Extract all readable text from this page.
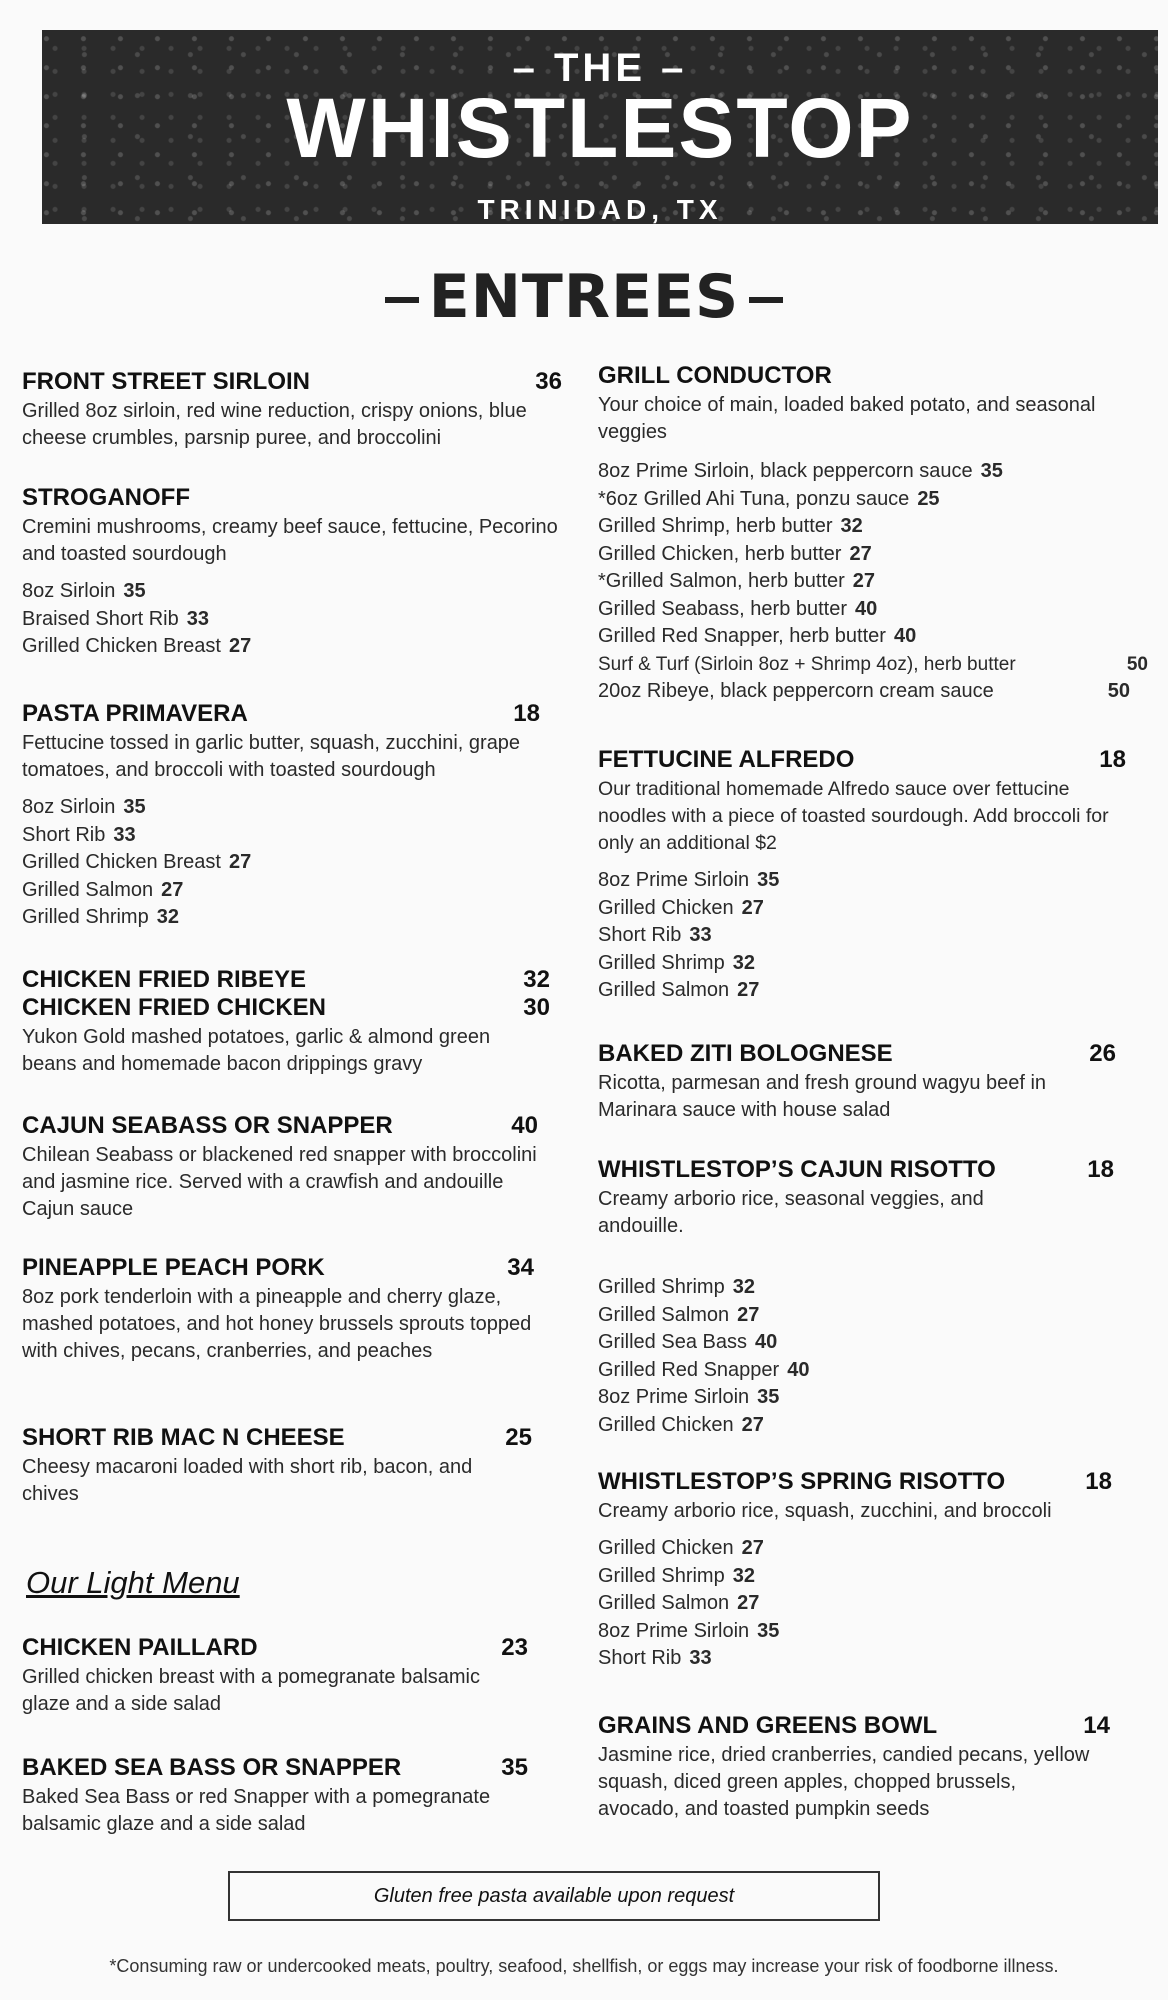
– THE –
WHISTLESTOP
TRINIDAD, TX
ENTREES
FRONT STREET SIRLOIN	36
Grilled 8oz sirloin, red wine reduction, crispy onions, blue cheese crumbles, parsnip puree, and broccolini
STROGANOFF
Cremini mushrooms, creamy beef sauce, fettucine, Pecorino and toasted sourdough
8oz Sirloin 35
Braised Short Rib 33
Grilled Chicken Breast 27
PASTA PRIMAVERA	18
Fettucine tossed in garlic butter, squash, zucchini, grape tomatoes, and broccoli with toasted sourdough
8oz Sirloin 35
Short Rib 33
Grilled Chicken Breast 27
Grilled Salmon 27
Grilled Shrimp 32
CHICKEN FRIED RIBEYE	32
CHICKEN FRIED CHICKEN	30
Yukon Gold mashed potatoes, garlic & almond green beans and homemade bacon drippings gravy
CAJUN SEABASS OR SNAPPER	40
Chilean Seabass or blackened red snapper with broccolini and jasmine rice. Served with a crawfish and andouille Cajun sauce
PINEAPPLE PEACH PORK	34
8oz pork tenderloin with a pineapple and cherry glaze, mashed potatoes, and hot honey brussels sprouts topped with chives, pecans, cranberries, and peaches
SHORT RIB MAC N CHEESE	25
Cheesy macaroni loaded with short rib, bacon, and chives
CHICKEN PAILLARD	23
Grilled chicken breast with a pomegranate balsamic glaze and a side salad
BAKED SEA BASS OR SNAPPER	35
Baked Sea Bass or red Snapper with a pomegranate balsamic glaze and a side salad
Our Light Menu
GRILL CONDUCTOR
Your choice of main, loaded baked potato, and seasonal veggies
8oz Prime Sirloin, black peppercorn sauce 35
*6oz Grilled Ahi Tuna, ponzu sauce 25
Grilled Shrimp, herb butter 32
Grilled Chicken, herb butter 27
*Grilled Salmon, herb butter 27
Grilled Seabass, herb butter 40
Grilled Red Snapper, herb butter 40
Surf & Turf (Sirloin 8oz + Shrimp 4oz), herb butter	50
20oz Ribeye, black peppercorn cream sauce	50
FETTUCINE ALFREDO	18
Our traditional homemade Alfredo sauce over fettucine noodles with a piece of toasted sourdough. Add broccoli for only an additional $2
8oz Prime Sirloin 35
Grilled Chicken 27
Short Rib 33
Grilled Shrimp 32
Grilled Salmon 27
BAKED ZITI BOLOGNESE	26
Ricotta, parmesan and fresh ground wagyu beef in Marinara sauce with house salad
WHISTLESTOP’S CAJUN RISOTTO	18
Creamy arborio rice, seasonal veggies, and andouille.
Grilled Shrimp 32
Grilled Salmon 27
Grilled Sea Bass 40
Grilled Red Snapper 40
8oz Prime Sirloin 35
Grilled Chicken 27
WHISTLESTOP’S SPRING RISOTTO	18
Creamy arborio rice, squash, zucchini, and broccoli
Grilled Chicken 27
Grilled Shrimp 32
Grilled Salmon 27
8oz Prime Sirloin 35
Short Rib 33
GRAINS AND GREENS BOWL	14
Jasmine rice, dried cranberries, candied pecans, yellow squash, diced green apples, chopped brussels, avocado, and toasted pumpkin seeds
Gluten free pasta available upon request
*Consuming raw or undercooked meats, poultry, seafood, shellfish, or eggs may increase your risk of foodborne illness.
